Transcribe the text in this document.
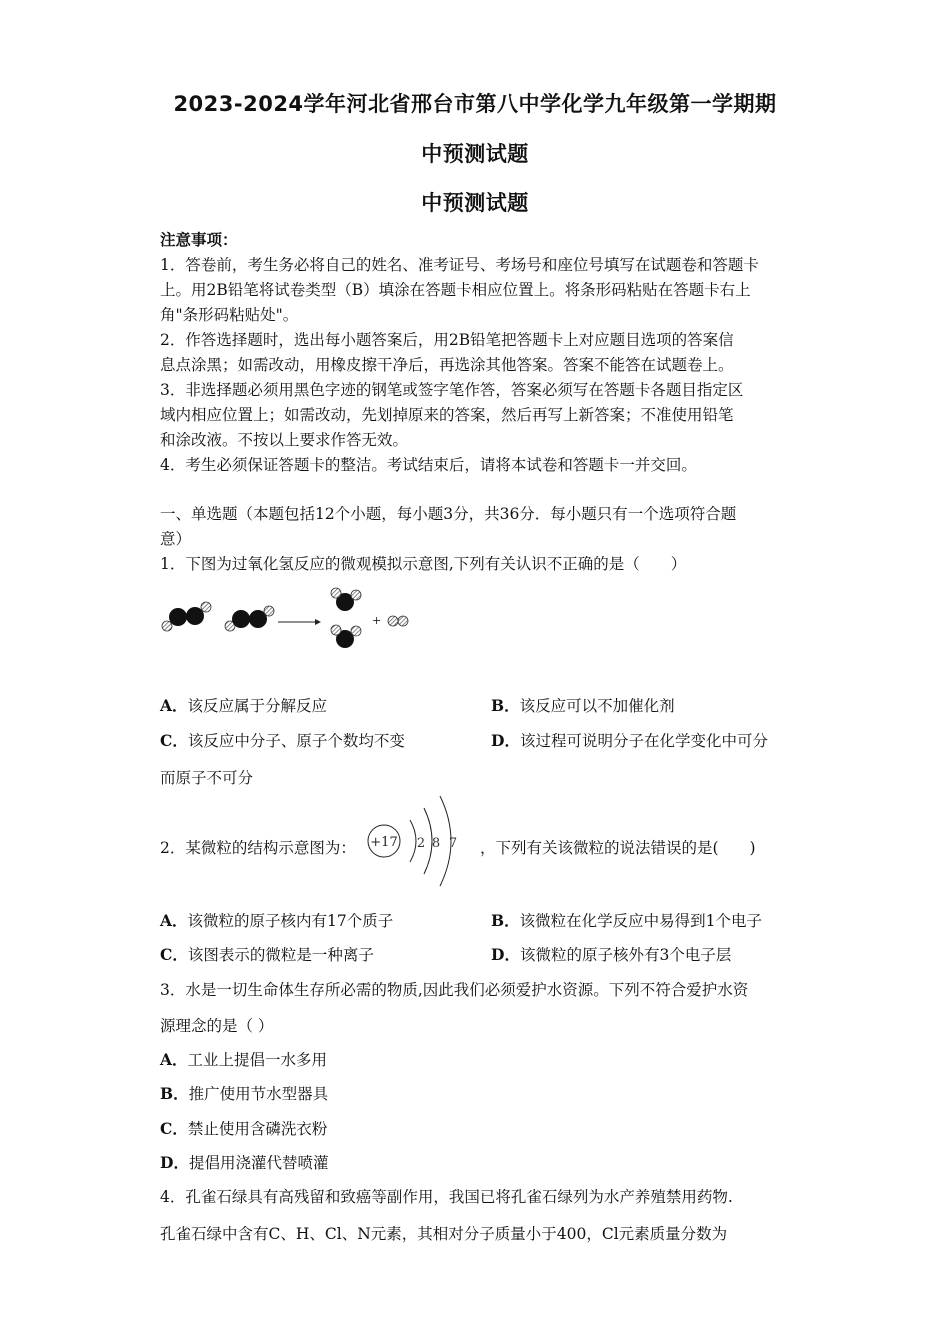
2023-2024学年河北省邢台市第八中学化学九年级第一学期期
中预测试题
中预测试题
注意事项：
1．答卷前，考生务必将自己的姓名、准考证号、考场号和座位号填写在试题卷和答题卡
上。用2B铅笔将试卷类型（B）填涂在答题卡相应位置上。将条形码粘贴在答题卡右上
角"条形码粘贴处"。
2．作答选择题时，选出每小题答案后，用2B铅笔把答题卡上对应题目选项的答案信
息点涂黑；如需改动，用橡皮擦干净后，再选涂其他答案。答案不能答在试题卷上。
3．非选择题必须用黑色字迹的钢笔或签字笔作答，答案必须写在答题卡各题目指定区
域内相应位置上；如需改动，先划掉原来的答案，然后再写上新答案；不准使用铅笔
和涂改液。不按以上要求作答无效。
4．考生必须保证答题卡的整洁。考试结束后，请将本试卷和答题卡一并交回。
一、单选题（本题包括12个小题，每小题3分，共36分．每小题只有一个选项符合题
意）
1．下图为过氧化氢反应的微观模拟示意图,下列有关认识不正确的是（　　）
+
A．该反应属于分解反应	B．该反应可以不加催化剂
C．该反应中分子、原子个数均不变	D．该过程可说明分子在化学变化中可分
而原子不可分
2．某微粒的结构示意图为： +17 2 8 7 ，下列有关该微粒的说法错误的是(　　)
A．该微粒的原子核内有17个质子	B．该微粒在化学反应中易得到1个电子
C．该图表示的微粒是一种离子	D．该微粒的原子核外有3个电子层
3．水是一切生命体生存所必需的物质,因此我们必须爱护水资源。下列不符合爱护水资
源理念的是（ ）
A．工业上提倡一水多用
B．推广使用节水型器具
C．禁止使用含磷洗衣粉
D．提倡用浇灌代替喷灌
4．孔雀石绿具有高残留和致癌等副作用，我国已将孔雀石绿列为水产养殖禁用药物.
孔雀石绿中含有C、H、Cl、N元素，其相对分子质量小于400，Cl元素质量分数为
